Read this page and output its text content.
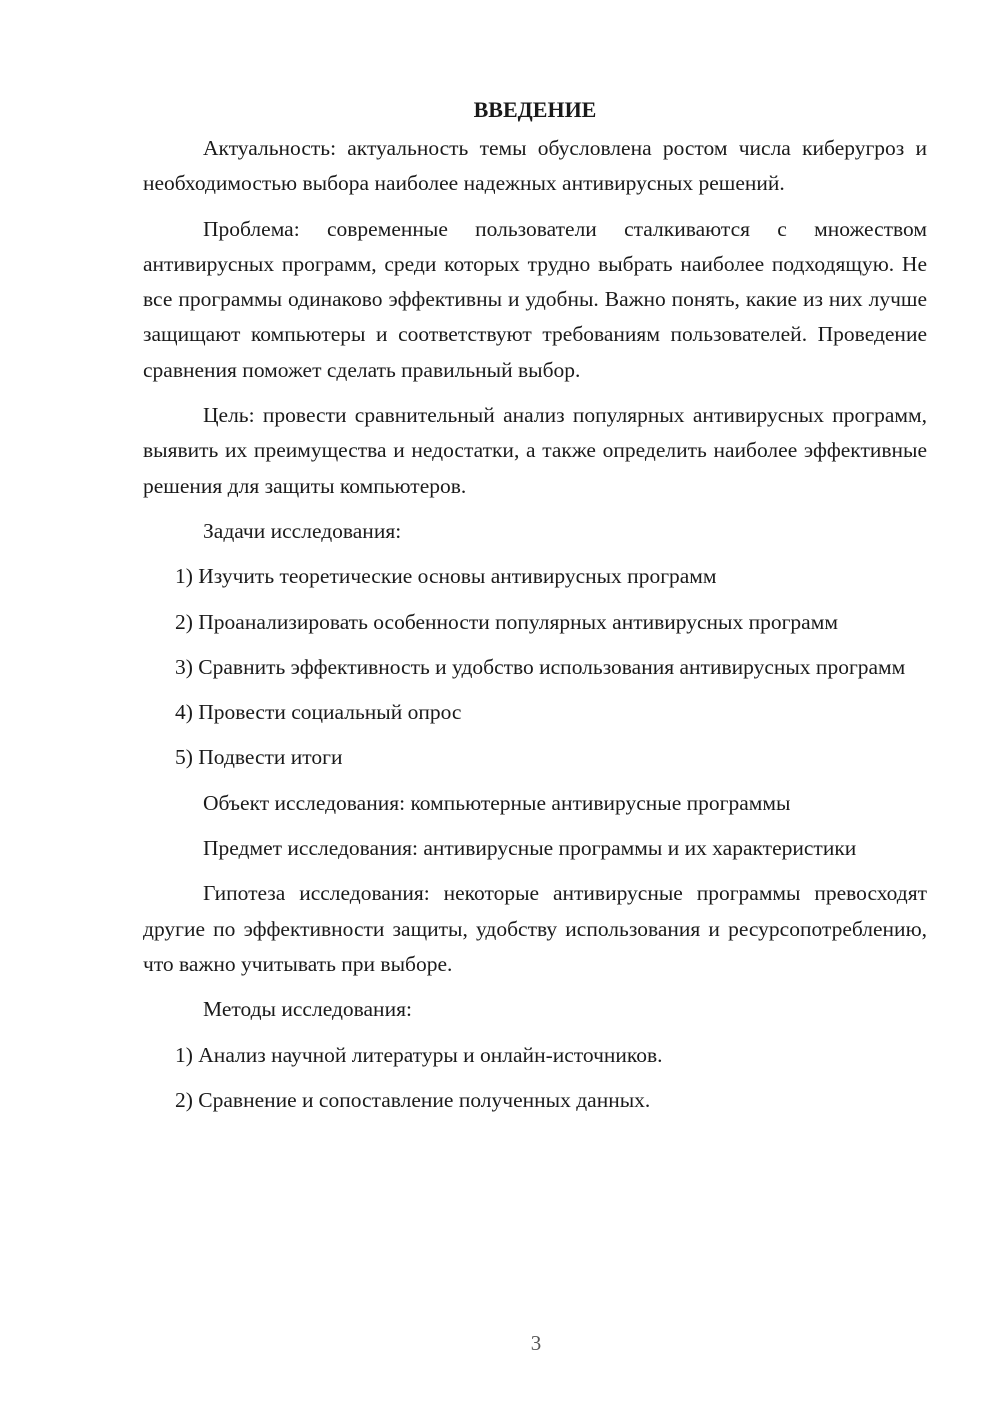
ВВЕДЕНИЕ

Актуальность: актуальность темы обусловлена ростом числа киберугроз и необходимостью выбора наиболее надежных антивирусных решений.

Проблема: современные пользователи сталкиваются с множеством антивирусных программ, среди которых трудно выбрать наиболее подходящую. Не все программы одинаково эффективны и удобны. Важно понять, какие из них лучше защищают компьютеры и соответствуют требованиям пользователей. Проведение сравнения поможет сделать правильный выбор.

Цель: провести сравнительный анализ популярных антивирусных программ, выявить их преимущества и недостатки, а также определить наиболее эффективные решения для защиты компьютеров.

Задачи исследования:

1) Изучить теоретические основы антивирусных программ

2) Проанализировать особенности популярных антивирусных программ

3) Сравнить эффективность и удобство использования антивирусных программ

4) Провести социальный опрос

5) Подвести итоги

Объект исследования: компьютерные антивирусные программы

Предмет исследования: антивирусные программы и их характеристики

Гипотеза исследования: некоторые антивирусные программы превосходят другие по эффективности защиты, удобству использования и ресурсопотреблению, что важно учитывать при выборе.

Методы исследования:

1) Анализ научной литературы и онлайн-источников.

2) Сравнение и сопоставление полученных данных.

3
